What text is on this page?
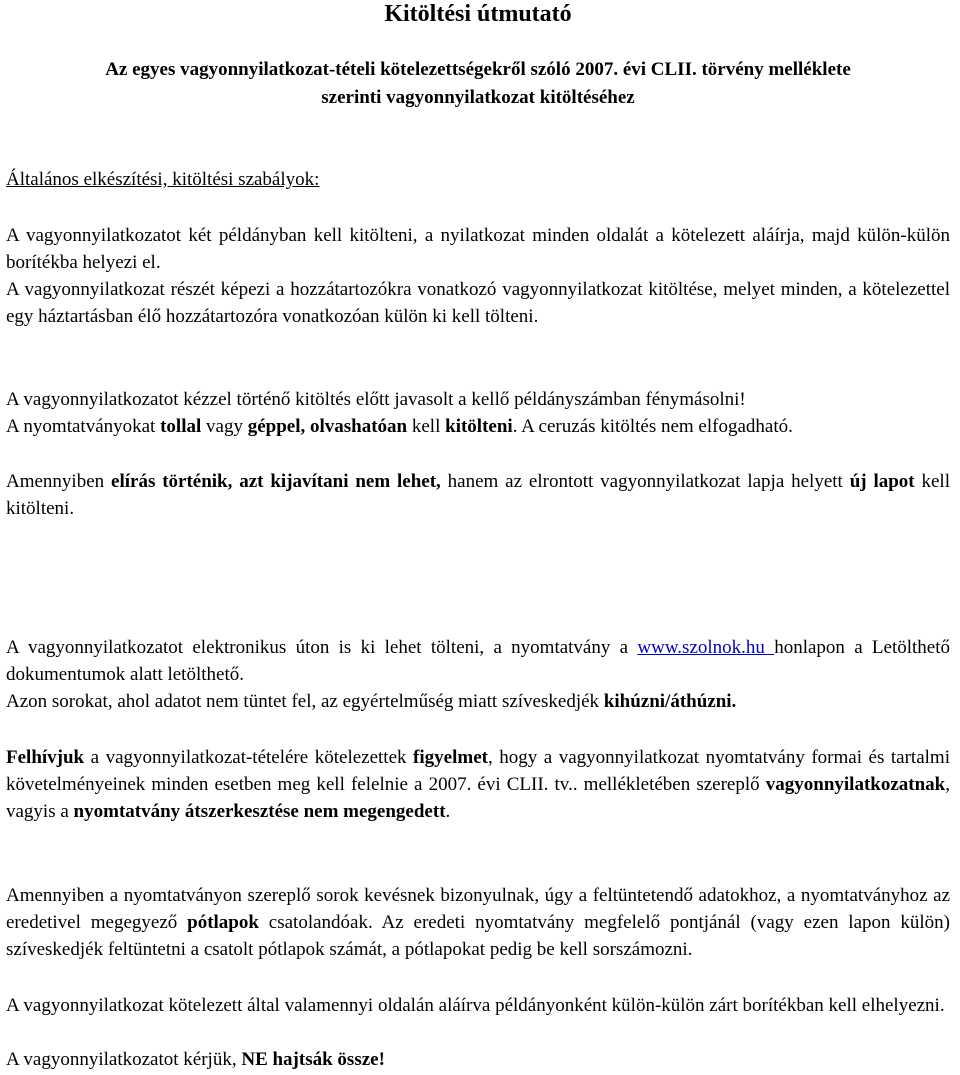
Kitöltési útmutató
Az egyes vagyonnyilatkozat-tételi kötelezettségekről szóló 2007. évi CLII. törvény melléklete
szerinti vagyonnyilatkozat kitöltéséhez
Általános elkészítési, kitöltési szabályok:

A vagyonnyilatkozatot két példányban kell kitölteni, a nyilatkozat minden oldalát a kötelezett aláírja, majd külön-külön borítékba helyezi el.

A vagyonnyilatkozat részét képezi a hozzátartozókra vonatkozó vagyonnyilatkozat kitöltése, melyet minden, a kötelezettel egy háztartásban élő hozzátartozóra vonatkozóan külön ki kell tölteni.

A vagyonnyilatkozatot kézzel történő kitöltés előtt javasolt a kellő példányszámban fénymásolni!

A nyomtatványokat tollal vagy géppel, olvashatóan kell kitölteni. A ceruzás kitöltés nem elfogadható.

Amennyiben elírás történik, azt kijavítani nem lehet, hanem az elrontott vagyonnyilatkozat lapja helyett új lapot kell kitölteni.

A vagyonnyilatkozatot elektronikus úton is ki lehet tölteni, a nyomtatvány a www.szolnok.hu honlapon a Letölthető dokumentumok alatt letölthető.

Azon sorokat, ahol adatot nem tüntet fel, az egyértelműség miatt szíveskedjék kihúzni/áthúzni.

Felhívjuk a vagyonnyilatkozat-tételére kötelezettek figyelmet, hogy a vagyonnyilatkozat nyomtatvány formai és tartalmi követelményeinek minden esetben meg kell felelnie a 2007. évi CLII. tv.. mellékletében szereplő vagyonnyilatkozatnak, vagyis a nyomtatvány átszerkesztése nem megengedett.

Amennyiben a nyomtatványon szereplő sorok kevésnek bizonyulnak, úgy a feltüntetendő adatokhoz, a nyomtatványhoz az eredetivel megegyező pótlapok csatolandóak. Az eredeti nyomtatvány megfelelő pontjánál (vagy ezen lapon külön) szíveskedjék feltüntetni a csatolt pótlapok számát, a pótlapokat pedig be kell sorszámozni.

A vagyonnyilatkozat kötelezett által valamennyi oldalán aláírva példányonként külön-külön zárt borítékban kell elhelyezni.

A vagyonnyilatkozatot kérjük, NE hajtsák össze!
